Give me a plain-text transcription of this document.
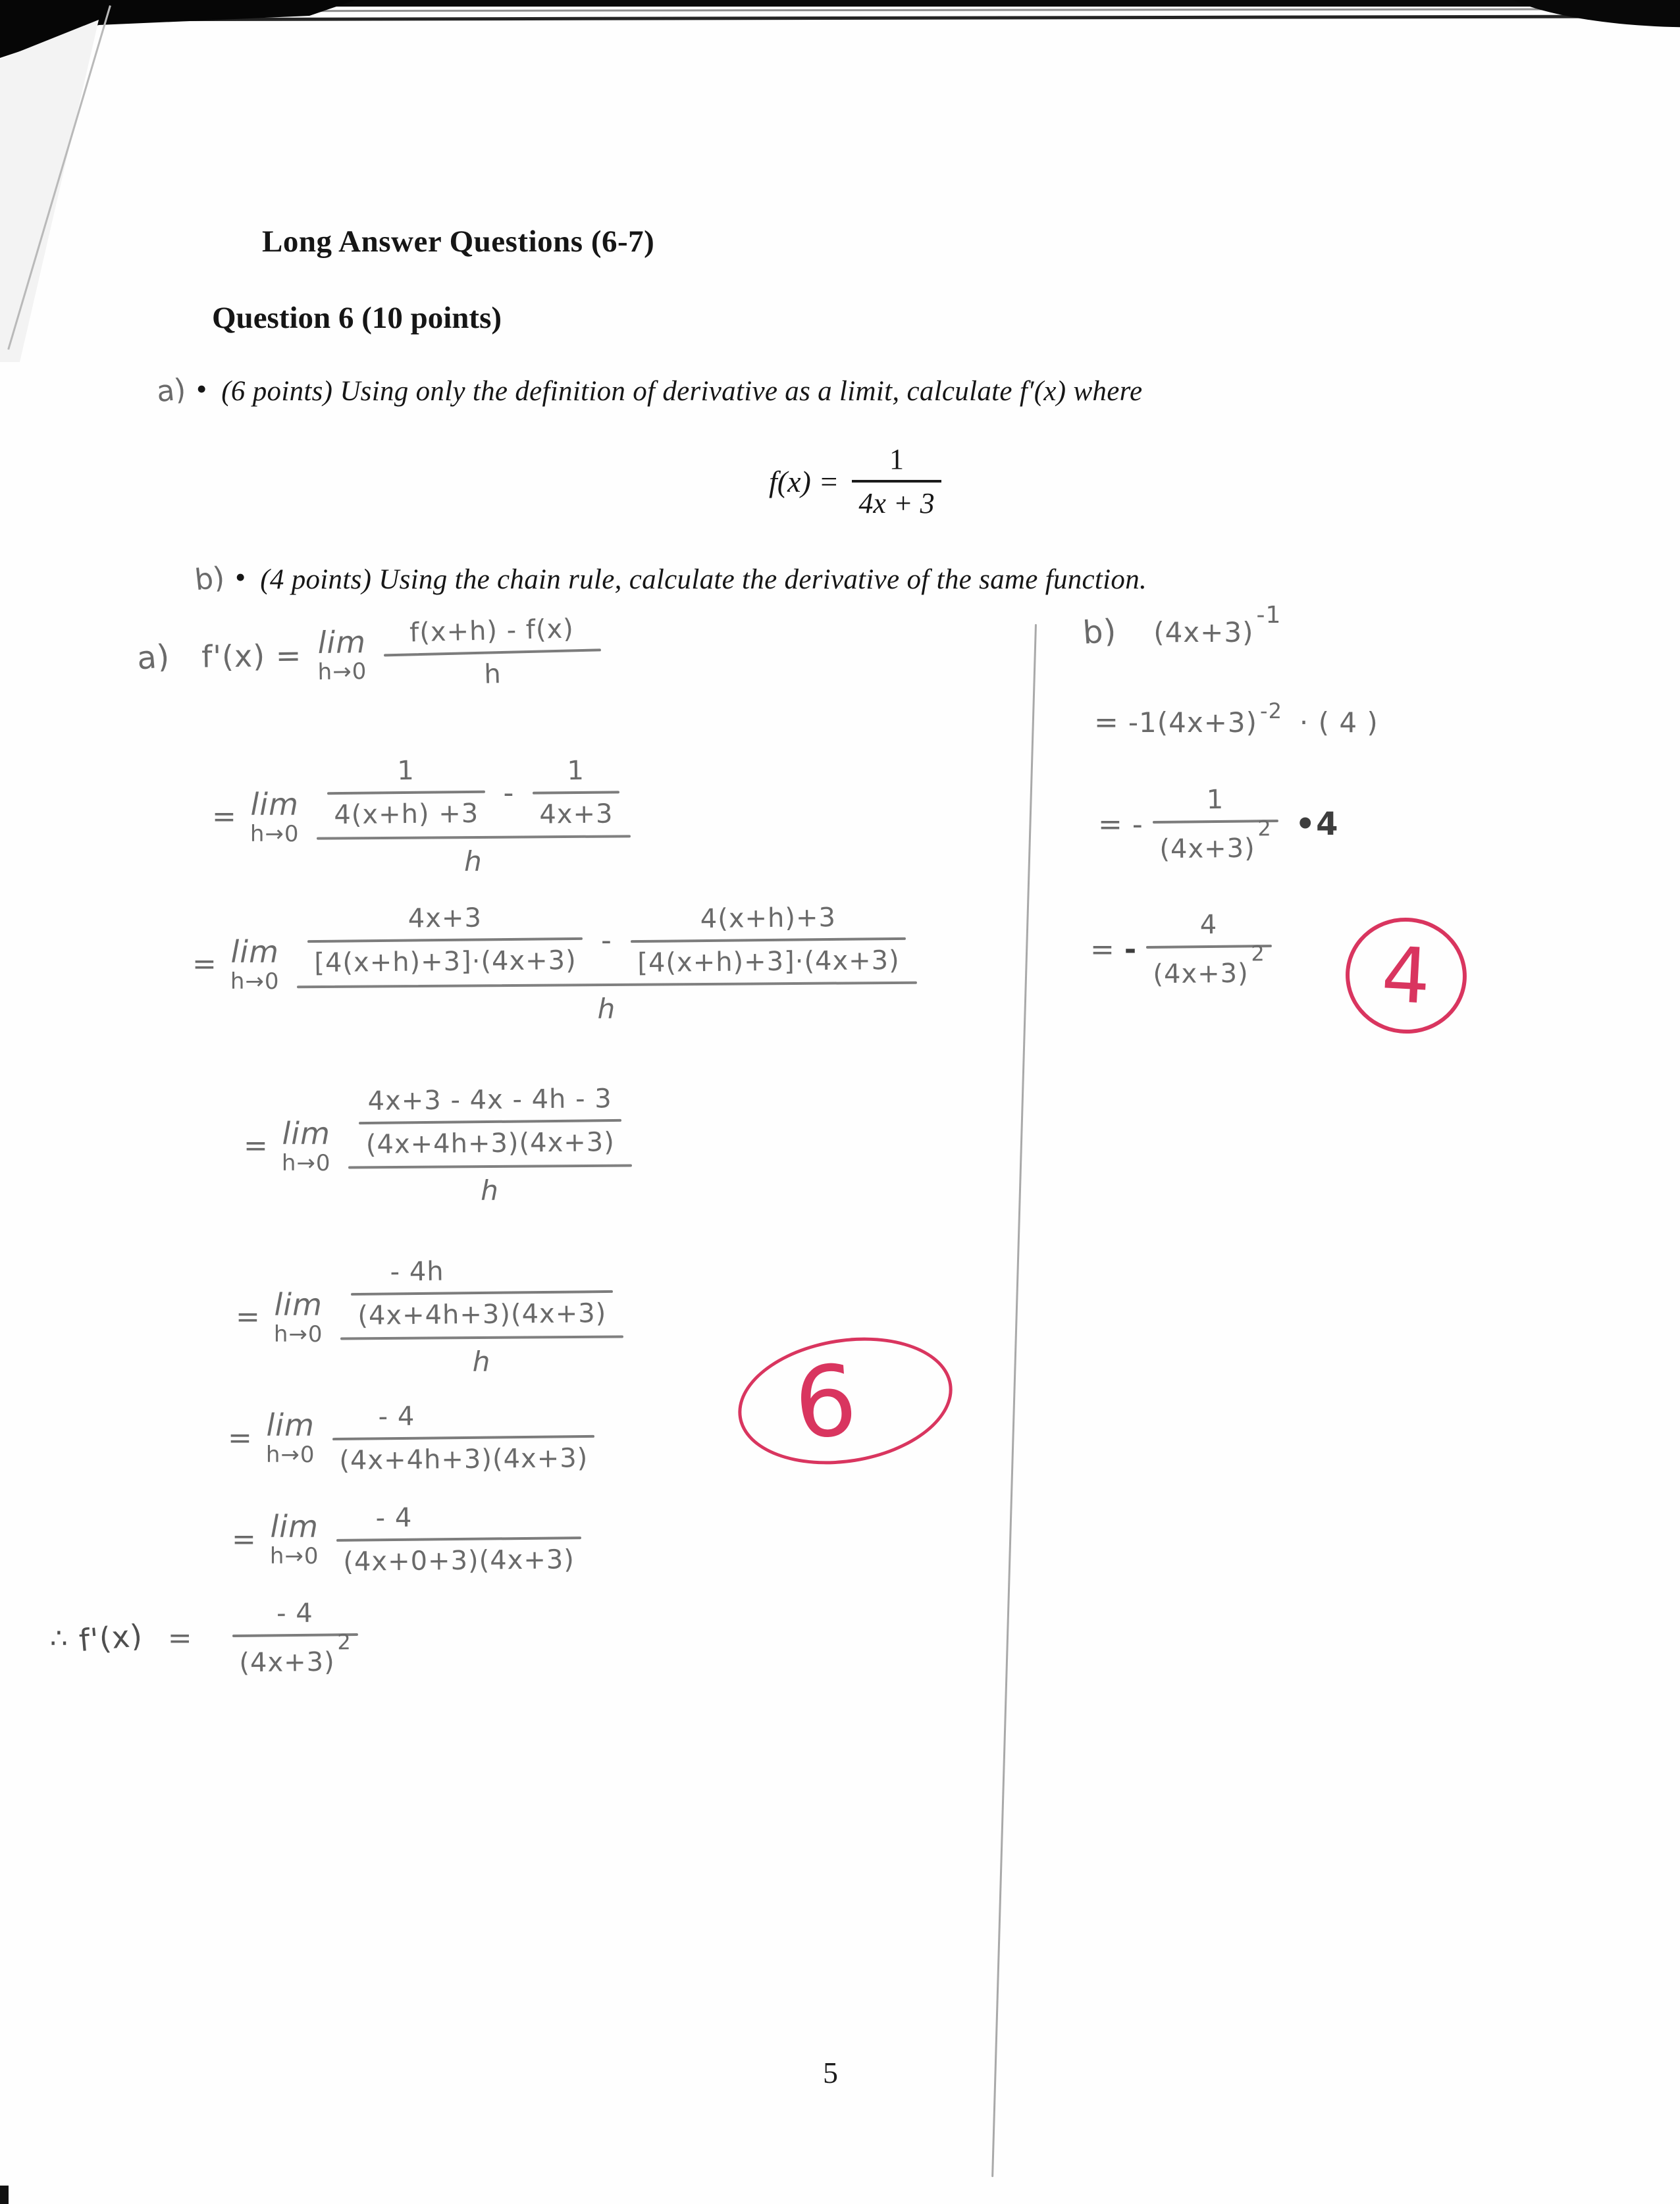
Long Answer Questions (6-7)
Question 6 (10 points)
a) • (6 points) Using only the definition of derivative as a limit, calculate f′(x) where
f(x) =
1
4x + 3
b) • (4 points) Using the chain rule, calculate the derivative of the same function.
a) f'(x) = lim
h→0
f(x+h) - f(x)
h
= lim
h→0
1
4(x+h) +3
-
1
4x+3
h
= lim
h→0
4x+3
[4(x+h)+3]·(4x+3)
-
4(x+h)+3
[4(x+h)+3]·(4x+3)
h
= lim
h→0
4x+3 - 4x - 4h - 3
(4x+4h+3)(4x+3)
h
= lim
h→0
- 4h
(4x+4h+3)(4x+3)
h
= lim
h→0
- 4
(4x+4h+3)(4x+3)
= lim
h→0
- 4
(4x+0+3)(4x+3)
∴ f'(x) =
- 4
$(4x+3)^2$
b) (4x+3)
-1
= -1(4x+3) -2 · ( 4 )
= -
1
$(4x+3)^2$ •4
= -
4
$(4x+3)^2$ 4
6
5
